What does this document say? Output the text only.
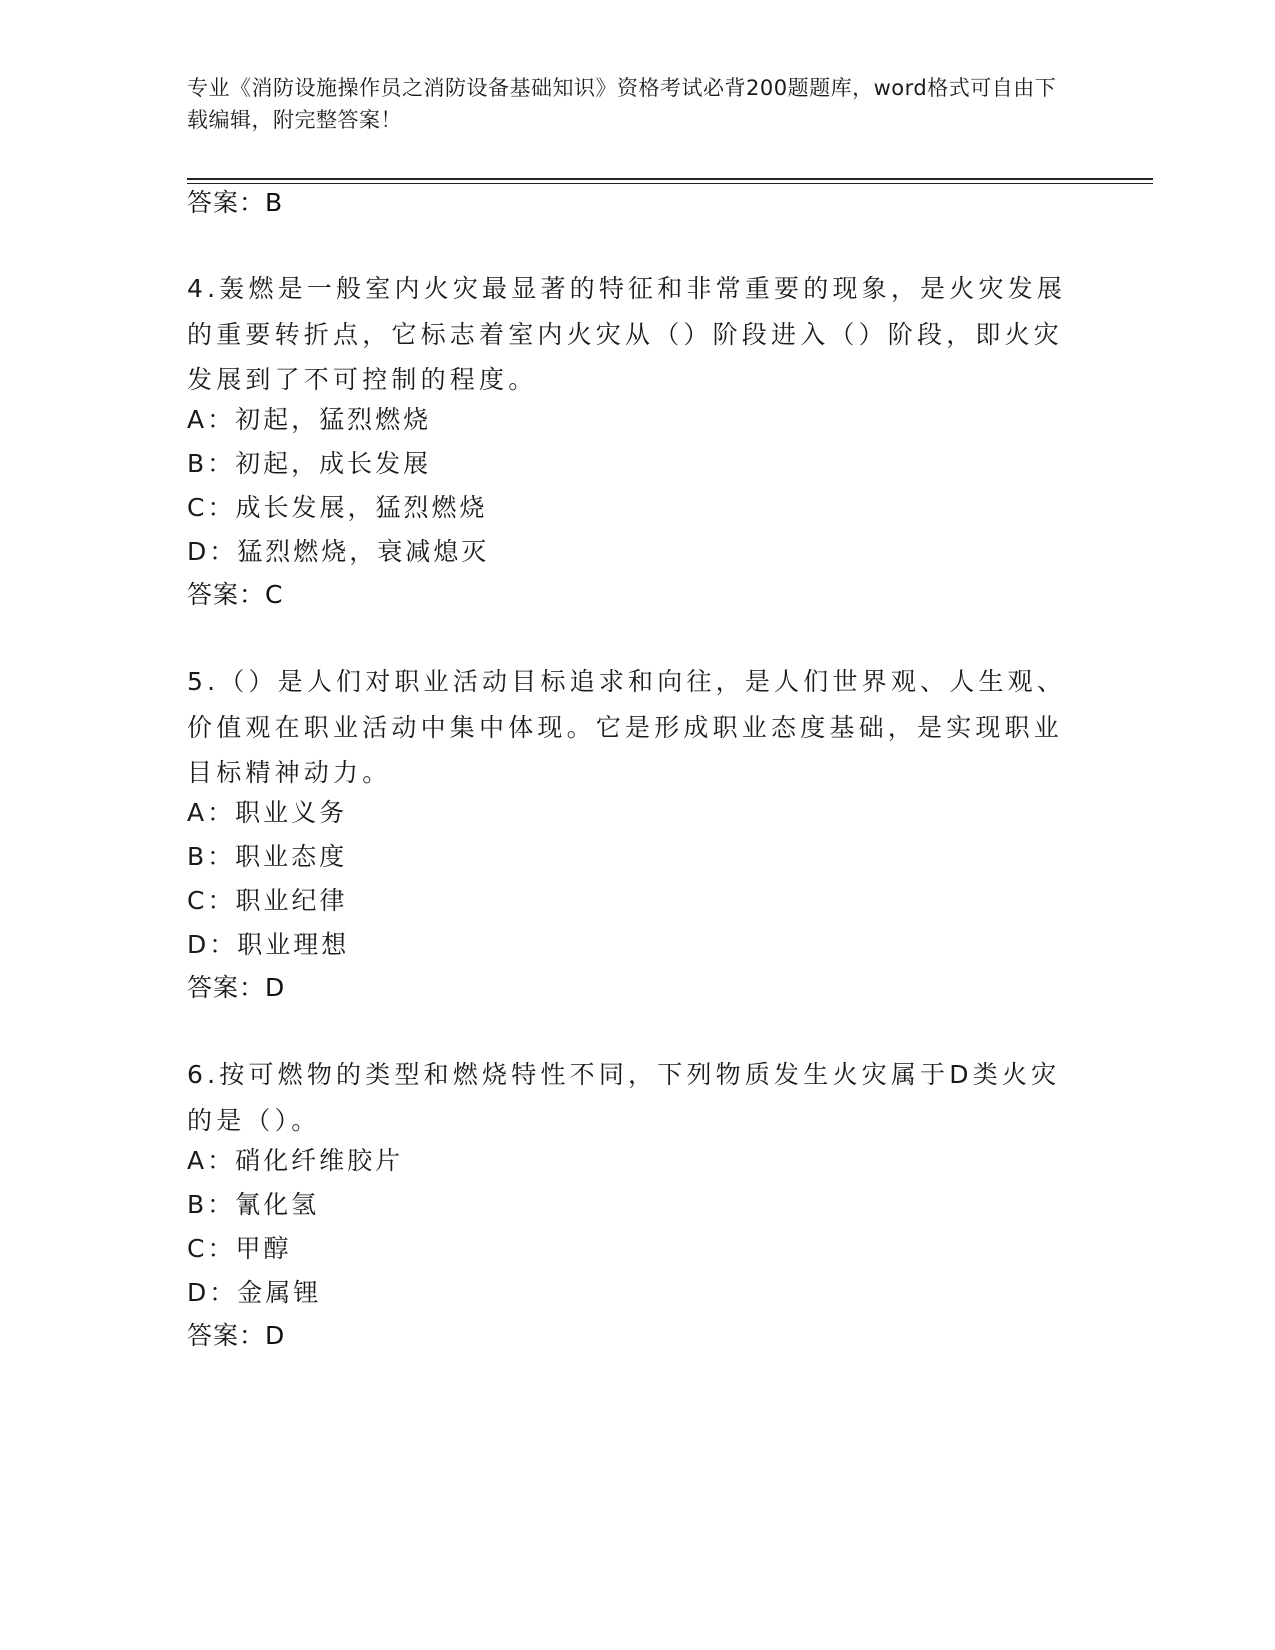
专业《消防设施操作员之消防设备基础知识》资格考试必背200题题库，word格式可自由下载编辑，附完整答案！
答案：B
4.轰燃是一般室内火灾最显著的特征和非常重要的现象，是火灾发展的重要转折点，它标志着室内火灾从（）阶段进入（）阶段，即火灾发展到了不可控制的程度。
A：初起，猛烈燃烧
B：初起，成长发展
C：成长发展，猛烈燃烧
D：猛烈燃烧，衰减熄灭
答案：C
5.（）是人们对职业活动目标追求和向往，是人们世界观、人生观、价值观在职业活动中集中体现。它是形成职业态度基础，是实现职业目标精神动力。
A：职业义务
B：职业态度
C：职业纪律
D：职业理想
答案：D
6.按可燃物的类型和燃烧特性不同，下列物质发生火灾属于D类火灾的是（）。
A：硝化纤维胶片
B：氰化氢
C：甲醇
D：金属锂
答案：D
